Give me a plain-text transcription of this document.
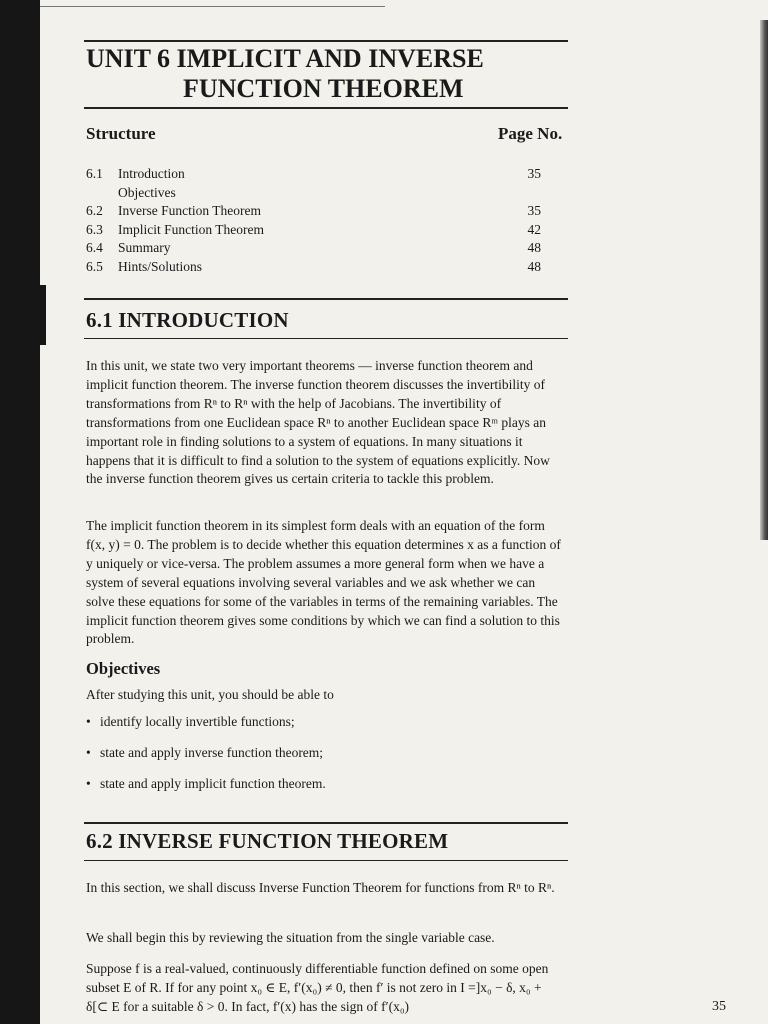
UNIT 6 IMPLICIT AND INVERSE
FUNCTION THEOREM
Structure	Page No.
6.1	Introduction	35
Objectives
6.2	Inverse Function Theorem	35
6.3	Implicit Function Theorem	42
6.4	Summary	48
6.5	Hints/Solutions	48
6.1 INTRODUCTION

In this unit, we state two very important theorems — inverse function theorem and implicit function theorem. The inverse function theorem discusses the invertibility of transformations from Rⁿ to Rⁿ with the help of Jacobians. The invertibility of transformations from one Euclidean space Rⁿ to another Euclidean space Rᵐ plays an important role in finding solutions to a system of equations. In many situations it happens that it is difficult to find a solution to the system of equations explicitly. Now the inverse function theorem gives us certain criteria to tackle this problem.

The implicit function theorem in its simplest form deals with an equation of the form f(x, y) = 0. The problem is to decide whether this equation determines x as a function of y uniquely or vice-versa. The problem assumes a more general form when we have a system of several equations involving several variables and we ask whether we can solve these equations for some of the variables in terms of the remaining variables. The implicit function theorem gives some conditions by which we can find a solution to this problem.

Objectives

After studying this unit, you should be able to

• identify locally invertible functions;
• state and apply inverse function theorem;
• state and apply implicit function theorem.
6.2 INVERSE FUNCTION THEOREM

In this section, we shall discuss Inverse Function Theorem for functions from Rⁿ to Rⁿ.

We shall begin this by reviewing the situation from the single variable case.

Suppose f is a real-valued, continuously differentiable function defined on some open subset E of R. If for any point x₀ ∈ E, f′(x₀) ≠ 0, then f′ is not zero in I =]x₀ − δ, x₀ + δ[⊂ E for a suitable δ > 0. In fact, f′(x) has the sign of f′(x₀)	35
